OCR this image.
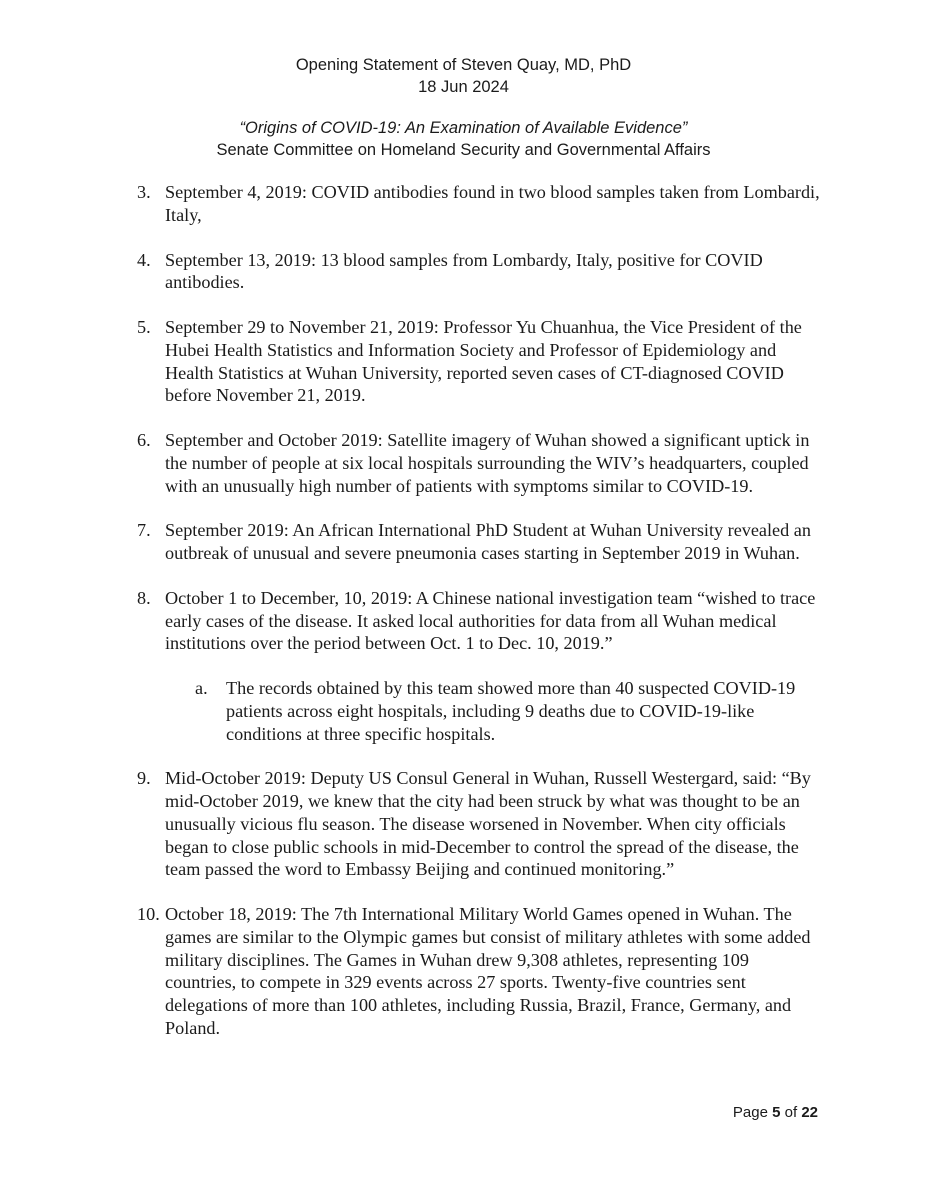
Opening Statement of Steven Quay, MD, PhD
18 Jun 2024
“Origins of COVID-19: An Examination of Available Evidence”
Senate Committee on Homeland Security and Governmental Affairs
3. September 4, 2019: COVID antibodies found in two blood samples taken from Lombardi, Italy,

4. September 13, 2019: 13 blood samples from Lombardy, Italy, positive for COVID antibodies.

5. September 29 to November 21, 2019: Professor Yu Chuanhua, the Vice President of the Hubei Health Statistics and Information Society and Professor of Epidemiology and Health Statistics at Wuhan University, reported seven cases of CT-diagnosed COVID before November 21, 2019.

6. September and October 2019: Satellite imagery of Wuhan showed a significant uptick in the number of people at six local hospitals surrounding the WIV’s headquarters, coupled with an unusually high number of patients with symptoms similar to COVID-19.

7. September 2019: An African International PhD Student at Wuhan University revealed an outbreak of unusual and severe pneumonia cases starting in September 2019 in Wuhan.

8. October 1 to December, 10, 2019: A Chinese national investigation team “wished to trace early cases of the disease. It asked local authorities for data from all Wuhan medical institutions over the period between Oct. 1 to Dec. 10, 2019.”

a.	The records obtained by this team showed more than 40 suspected COVID-19 patients across eight hospitals, including 9 deaths due to COVID-19-like conditions at three specific hospitals.

9. Mid-October 2019: Deputy US Consul General in Wuhan, Russell Westergard, said: “By mid-October 2019, we knew that the city had been struck by what was thought to be an unusually vicious flu season. The disease worsened in November. When city officials began to close public schools in mid-December to control the spread of the disease, the team passed the word to Embassy Beijing and continued monitoring.”

10. October 18, 2019: The 7th International Military World Games opened in Wuhan. The games are similar to the Olympic games but consist of military athletes with some added military disciplines. The Games in Wuhan drew 9,308 athletes, representing 109 countries, to compete in 329 events across 27 sports. Twenty-five countries sent delegations of more than 100 athletes, including Russia, Brazil, France, Germany, and Poland.

Page 5 of 22
